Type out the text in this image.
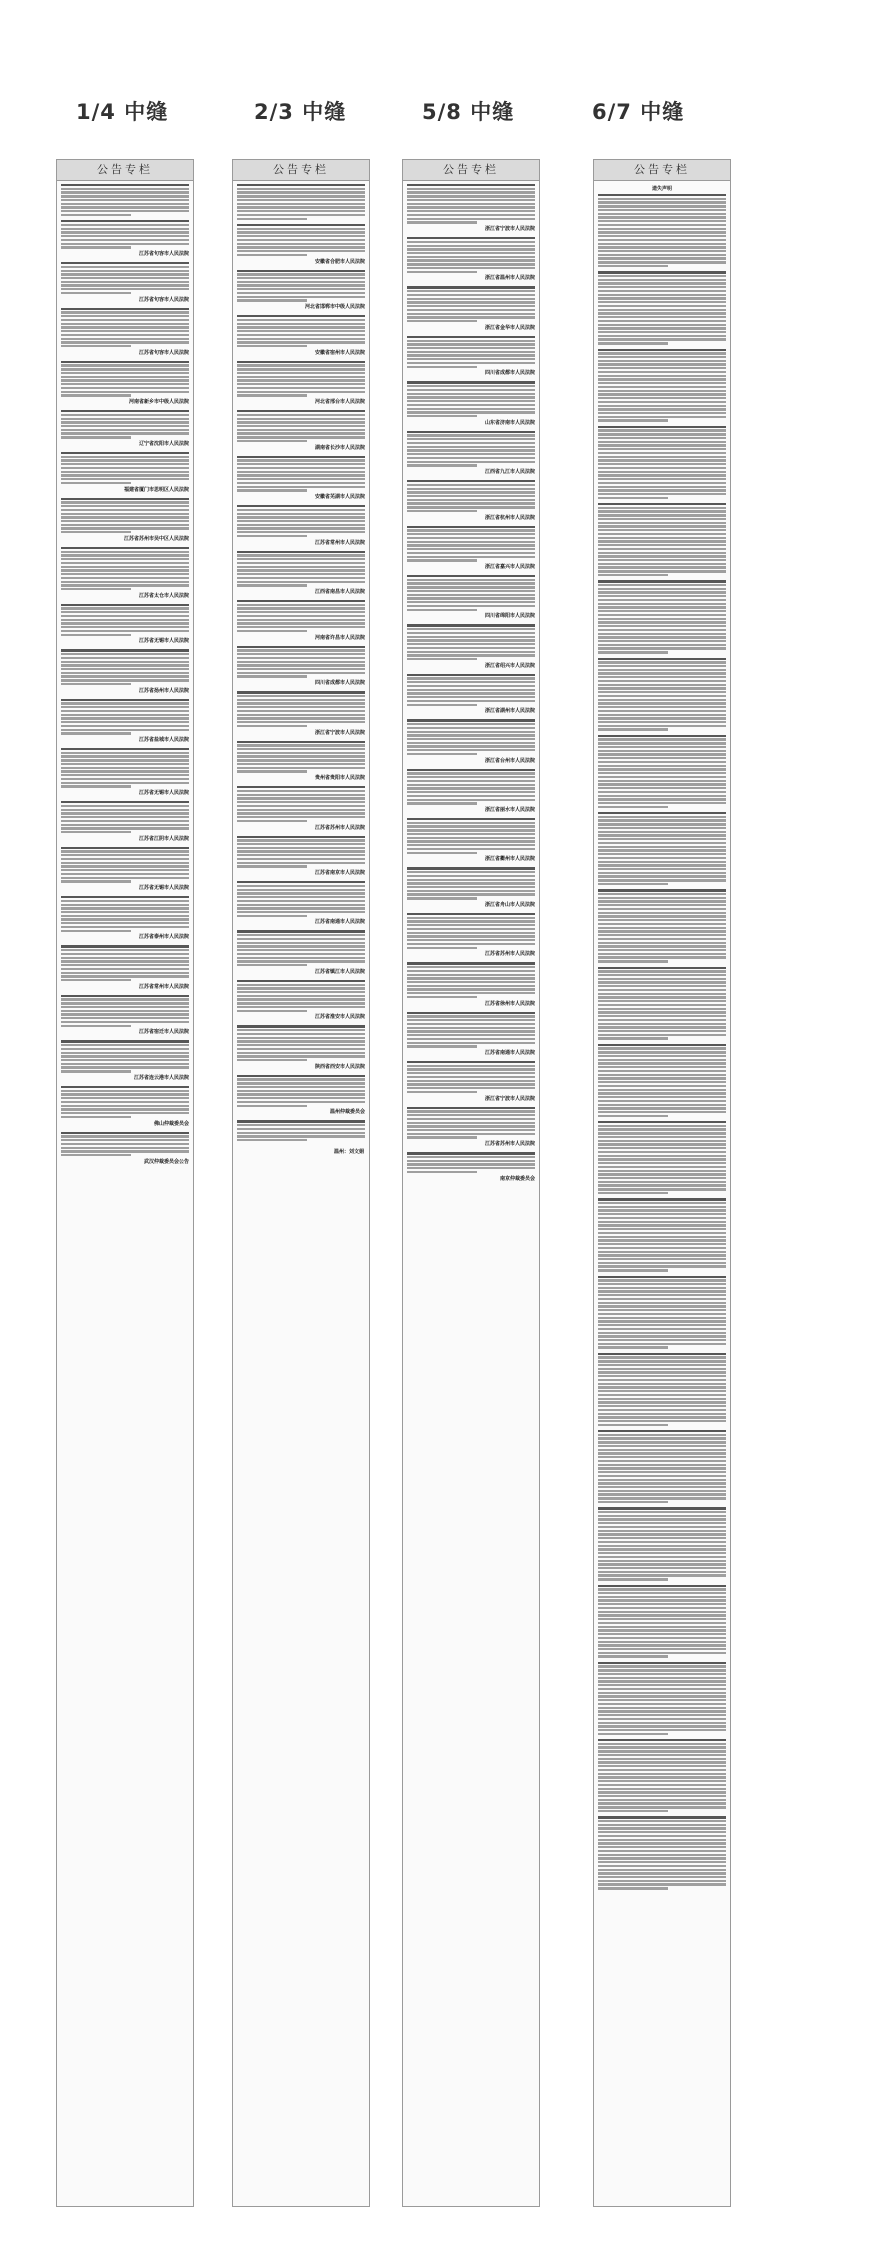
1/4 中缝
公告专栏
江苏省句容市人民法院
江苏省句容市人民法院
江苏省句容市人民法院
河南省新乡市中级人民法院
辽宁省沈阳市人民法院
福建省厦门市思明区人民法院
江苏省苏州市吴中区人民法院
江苏省太仓市人民法院
江苏省无锡市人民法院
江苏省扬州市人民法院
江苏省盐城市人民法院
江苏省无锡市人民法院
江苏省江阴市人民法院
江苏省无锡市人民法院
江苏省泰州市人民法院
江苏省常州市人民法院
江苏省宿迁市人民法院
江苏省连云港市人民法院
佛山仲裁委员会
武汉仲裁委员会公告
2/3 中缝
公告专栏
安徽省合肥市人民法院
河北省邯郸市中级人民法院
安徽省宿州市人民法院
河北省邢台市人民法院
湖南省长沙市人民法院
安徽省芜湖市人民法院
江苏省常州市人民法院
江西省南昌市人民法院
河南省许昌市人民法院
四川省成都市人民法院
浙江省宁波市人民法院
贵州省贵阳市人民法院
江苏省苏州市人民法院
江苏省南京市人民法院
江苏省南通市人民法院
江苏省镇江市人民法院
江苏省淮安市人民法院
陕西省西安市人民法院
温州仲裁委员会
温州：刘文娟
5/8 中缝
公告专栏
浙江省宁波市人民法院
浙江省温州市人民法院
浙江省金华市人民法院
四川省成都市人民法院
山东省济南市人民法院
江西省九江市人民法院
浙江省杭州市人民法院
浙江省嘉兴市人民法院
四川省绵阳市人民法院
浙江省绍兴市人民法院
浙江省湖州市人民法院
浙江省台州市人民法院
浙江省丽水市人民法院
浙江省衢州市人民法院
浙江省舟山市人民法院
江苏省苏州市人民法院
江苏省徐州市人民法院
江苏省南通市人民法院
浙江省宁波市人民法院
江苏省苏州市人民法院
南京仲裁委员会
6/7 中缝
公告专栏
遗失声明
